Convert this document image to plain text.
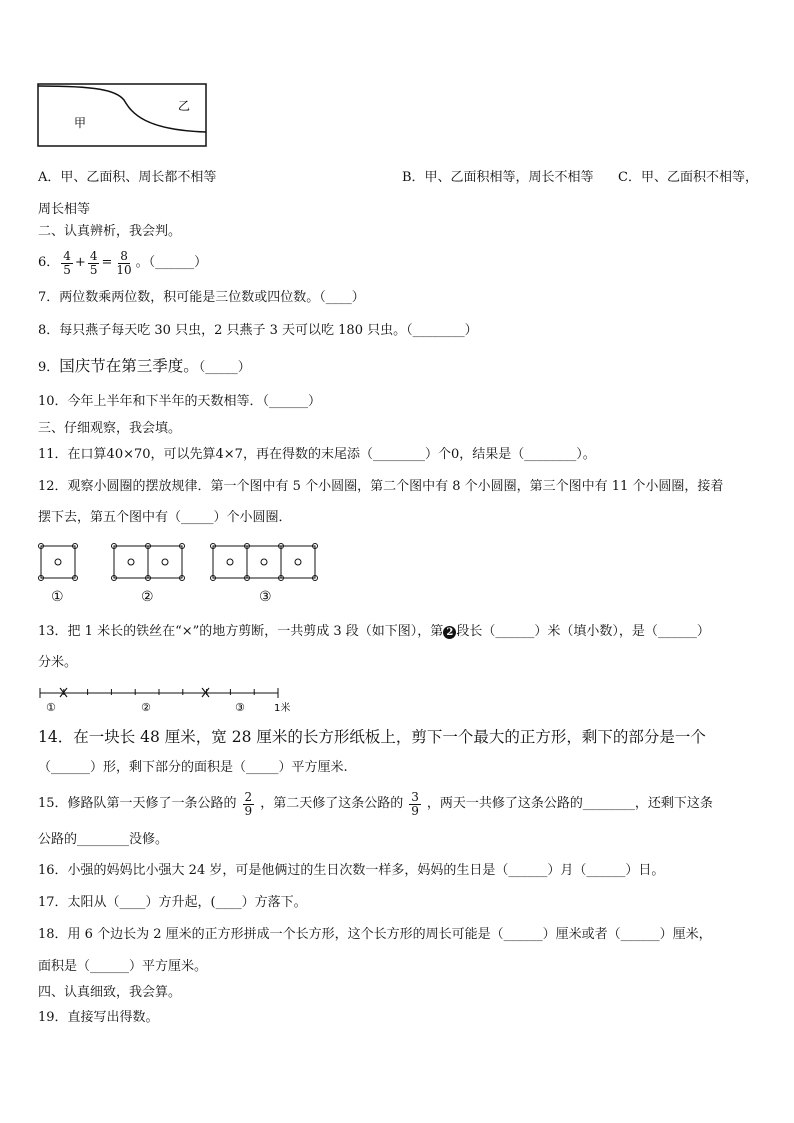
甲
乙
A．甲、乙面积、周长都不相等	B．甲、乙面积相等，周长不相等 C．甲、乙面积不相等，
周长相等
二、认真辨析，我会判。
6． $\frac{4}{5} + \frac{4}{5} = \frac{8}{10}$ 。（______）
7．两位数乘两位数，积可能是三位数或四位数。（____）
8．每只燕子每天吃 30 只虫，2 只燕子 3 天可以吃 180 只虫。（________）
9．国庆节在第三季度。（_____）
10．今年上半年和下半年的天数相等．（______）
三、仔细观察，我会填。
11．在口算40×70，可以先算4×7，再在得数的末尾添（________）个0，结果是（________）。
12．观察小圆圈的摆放规律．第一个图中有 5 个小圆圈，第二个图中有 8 个小圆圈，第三个图中有 11 个小圆圈，接着
摆下去，第五个图中有（_____）个小圆圈．
①	②	③
13．把 1 米长的铁丝在“×”的地方剪断，一共剪成 3 段（如下图），第 2 段长（______）米（填小数），是（______）
分米。
①	②	③	1米
14．在一块长 48 厘米，宽 28 厘米的长方形纸板上，剪下一个最大的正方形，剩下的部分是一个
（______）形，剩下部分的面积是（_____）平方厘米.
15．修路队第一天修了一条公路的 $\frac{2}{9}$ ，第二天修了这条公路的 $\frac{3}{9}$ ，两天一共修了这条公路的________，还剩下这条
公路的________没修。
16．小强的妈妈比小强大 24 岁，可是他俩过的生日次数一样多，妈妈的生日是（______）月（______）日。
17．太阳从（____）方升起，(____）方落下。
18．用 6 个边长为 2 厘米的正方形拼成一个长方形，这个长方形的周长可能是（______）厘米或者（______）厘米，
面积是（______）平方厘米。
四、认真细致，我会算。
19．直接写出得数。
